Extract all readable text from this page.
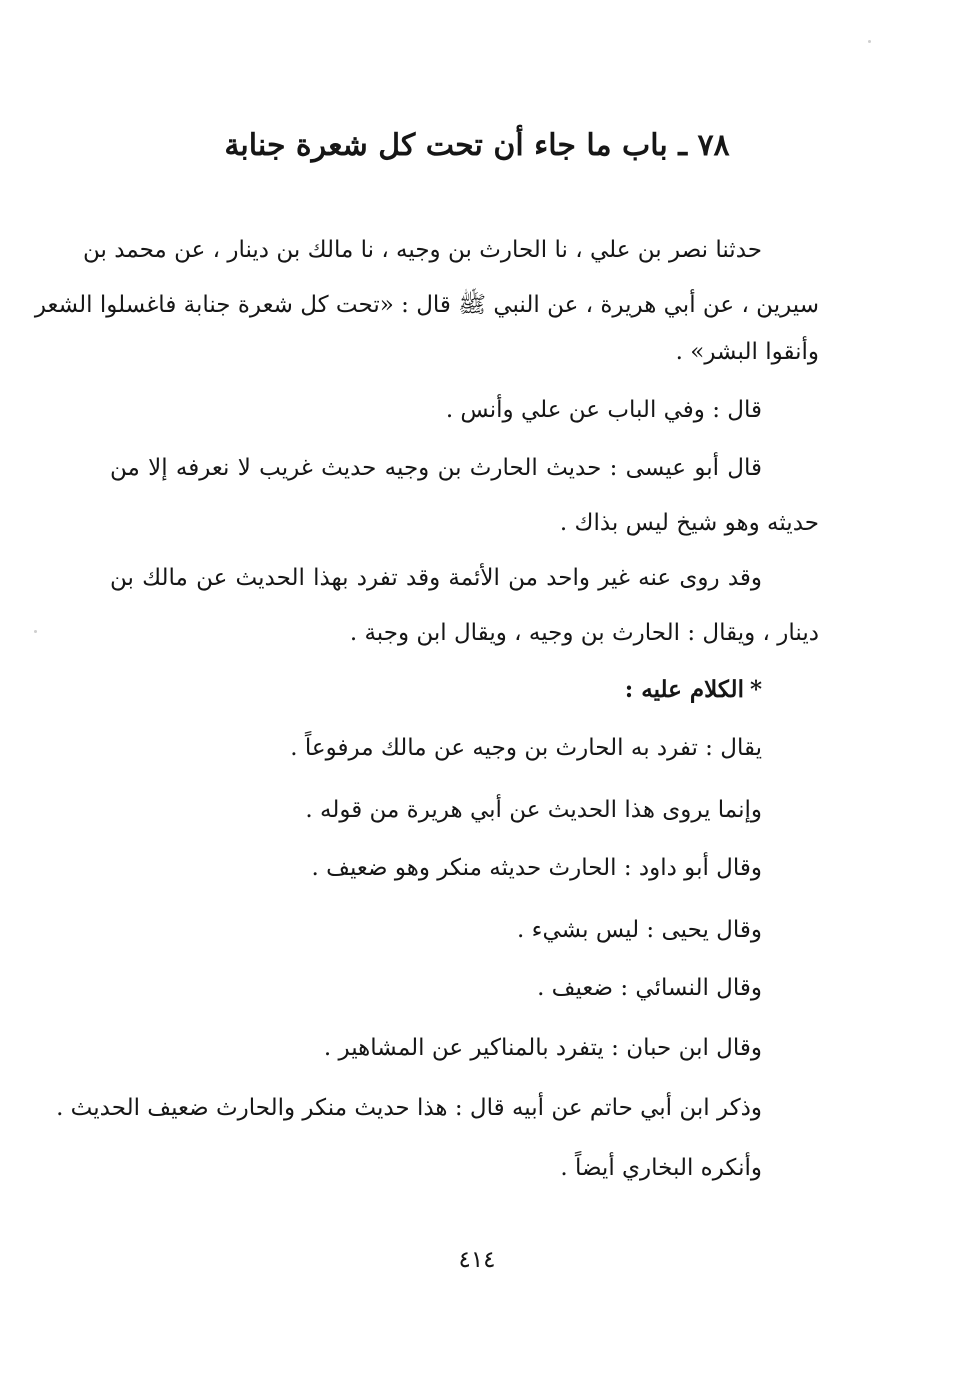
٧٨ ـ باب ما جاء أن تحت كل شعرة جنابة
حدثنا نصر بن علي ، نا الحارث بن وجيه ، نا مالك بن دينار ، عن محمد بن
سيرين ، عن أبي هريرة ، عن النبي ﷺ قال : «تحت كل شعرة جنابة فاغسلوا الشعر
وأنقوا البشر» .
قال : وفي الباب عن علي وأنس .
قال أبو عيسى : حديث الحارث بن وجيه حديث غريب لا نعرفه إلا من
حديثه وهو شيخ ليس بذاك .
وقد روى عنه غير واحد من الأئمة وقد تفرد بهذا الحديث عن مالك بن
دينار ، ويقال : الحارث بن وجيه ، ويقال ابن وجبة .
*الكلام عليه :
يقال : تفرد به الحارث بن وجيه عن مالك مرفوعاً .
وإنما يروى هذا الحديث عن أبي هريرة من قوله .
وقال أبو داود : الحارث حديثه منكر وهو ضعيف .
وقال يحيى : ليس بشيء .
وقال النسائي : ضعيف .
وقال ابن حبان : يتفرد بالمناكير عن المشاهير .
وذكر ابن أبي حاتم عن أبيه قال : هذا حديث منكر والحارث ضعيف الحديث .
وأنكره البخاري أيضاً .
٤١٤
